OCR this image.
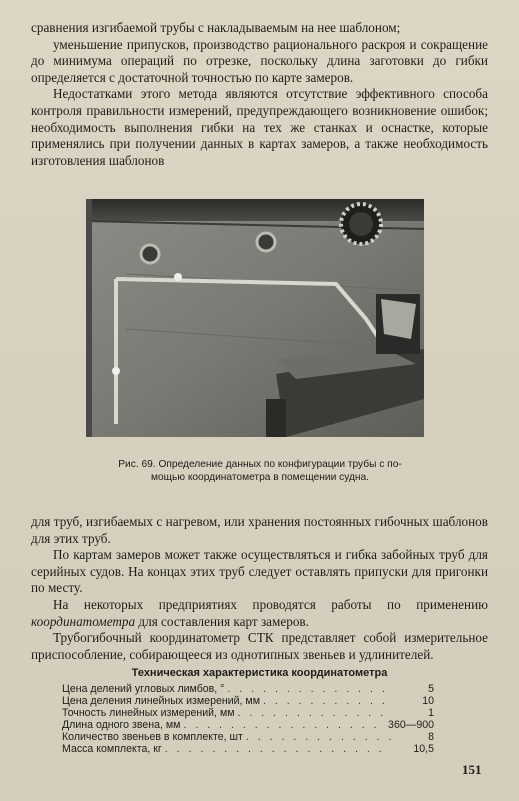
сравнения изгибаемой трубы с накладываемым на нее шаблоном;

уменьшение припусков, производство рационального раскроя и сокращение до минимума операций по отрезке, поскольку длина заготовки до гибки определяется с достаточной точностью по карте замеров.

Недостатками этого метода являются отсутствие эффективного способа контроля правильности измерений, предупреждающего возникновение ошибок; необходимость выполнения гибки на тех же станках и оснастке, которые применялись при получении данных в картах замеров, а также необходимость изготовления шаблонов

Рис. 69. Определение данных по конфигурации трубы с по-

мощью координатометра в помещении судна.

для труб, изгибаемых с нагревом, или хранения постоянных гибочных шаблонов для этих труб.

По картам замеров может также осуществляться и гибка забойных труб для серийных судов. На концах этих труб следует оставлять припуски для пригонки по месту.

На некоторых предприятиях проводятся работы по применению координатометра для составления карт замеров.

Трубогибочный координатометр СТК представляет собой измерительное приспособление, собирающееся из однотипных звеньев и удлинителей.

Техническая характеристика координатометра
Цена делений угловых лимбов, ° . . .	5
Цена деления линейных измерений, мм . . .	10
Точность линейных измерений, мм . . .	1
Длина одного звена, мм . . .	360—900
Количество звеньев в комплекте, шт . . .	8
Масса комплекта, кг . . .	10,5
151
